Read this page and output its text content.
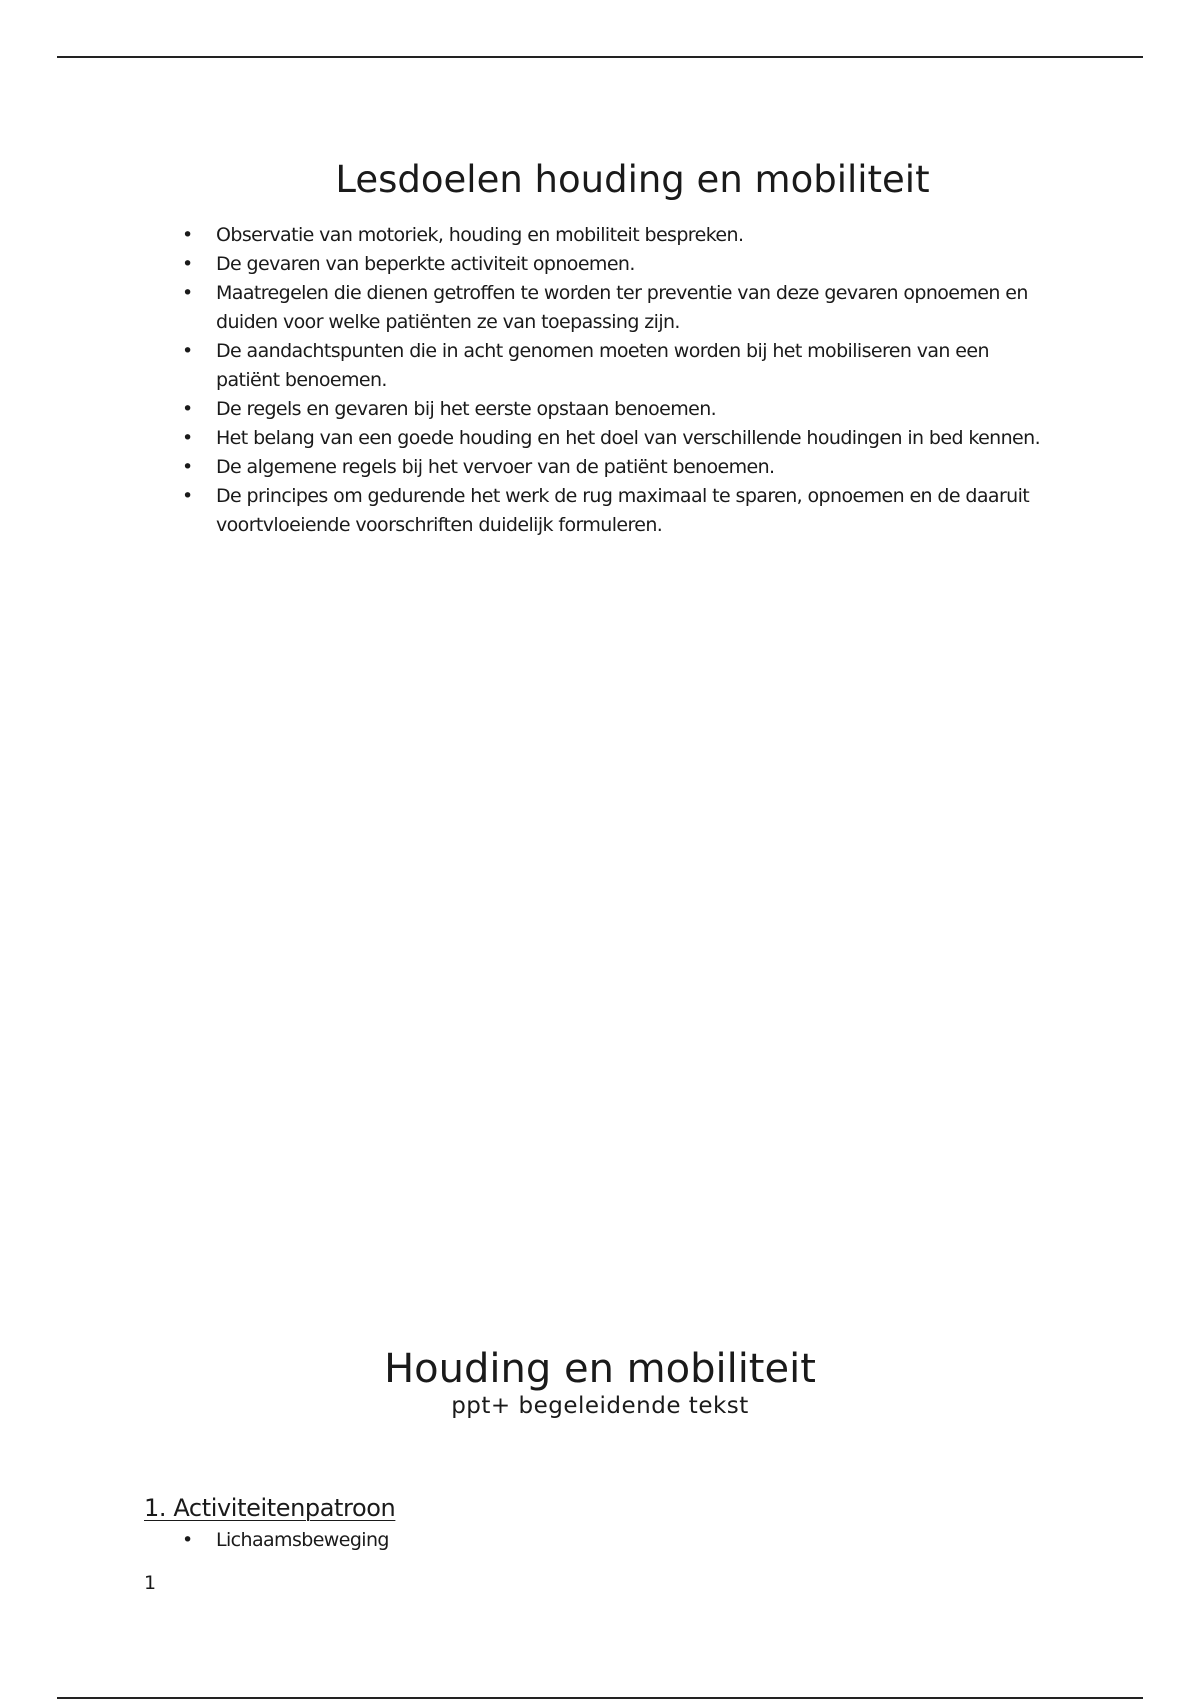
Lesdoelen houding en mobiliteit
• Observatie van motoriek, houding en mobiliteit bespreken.
• De gevaren van beperkte activiteit opnoemen.
• Maatregelen die dienen getroffen te worden ter preventie van deze gevaren opnoemen en duiden voor welke patiënten ze van toepassing zijn.
• De aandachtspunten die in acht genomen moeten worden bij het mobiliseren van een patiënt benoemen.
• De regels en gevaren bij het eerste opstaan benoemen.
• Het belang van een goede houding en het doel van verschillende houdingen in bed kennen.
• De algemene regels bij het vervoer van de patiënt benoemen.
• De principes om gedurende het werk de rug maximaal te sparen, opnoemen en de daaruit voortvloeiende voorschriften duidelijk formuleren.
Houding en mobiliteit
ppt+ begeleidende tekst
1. Activiteitenpatroon
• Lichaamsbeweging
1
